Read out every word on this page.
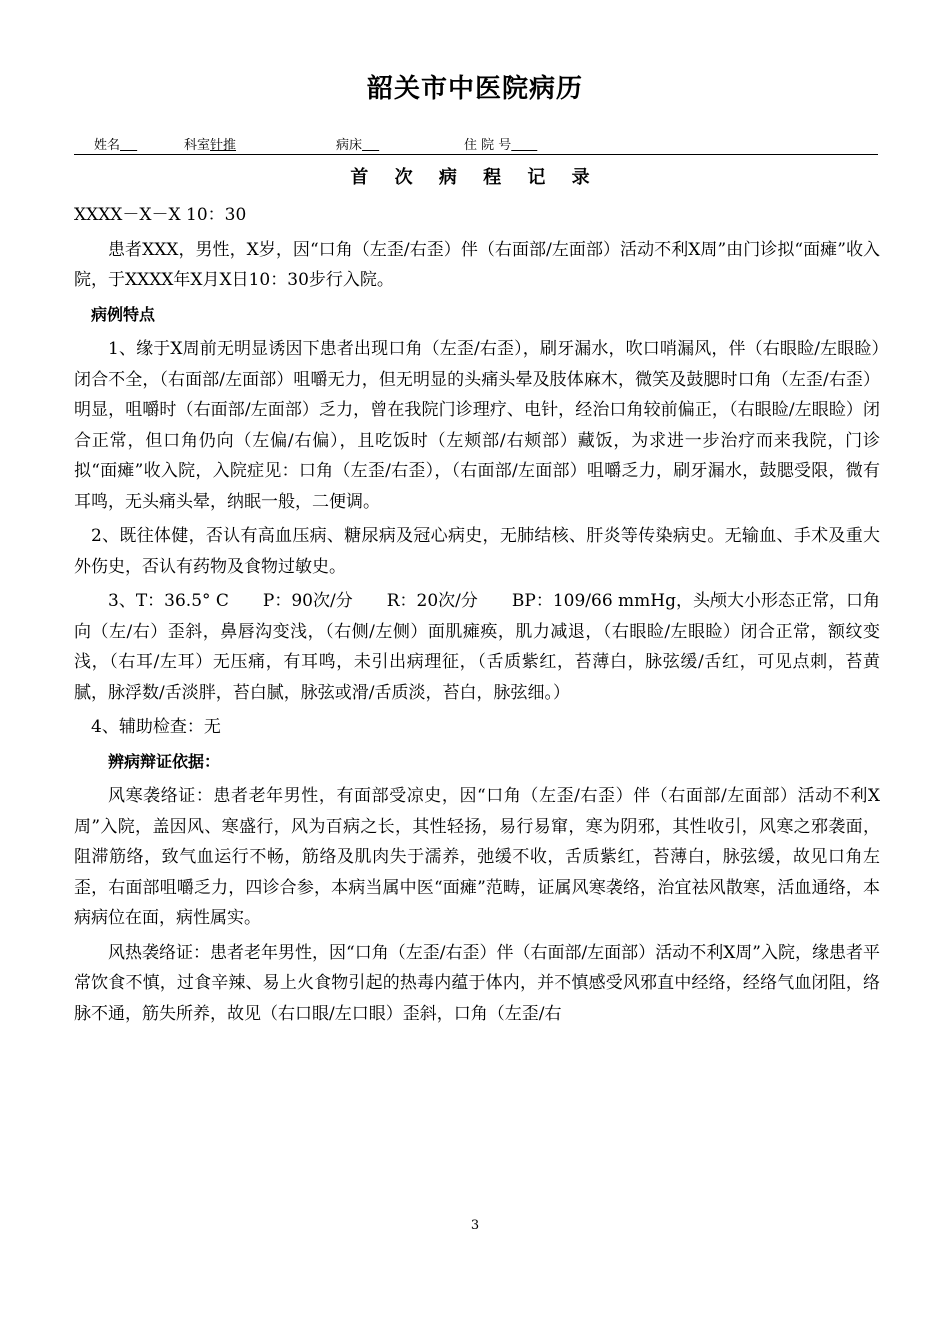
韶关市中医院病历
姓名　	科室针推	病床　	住 院 号　　
首 次 病 程 记 录

XXXX－X－X 10：30

患者XXX，男性，X岁，因“口角（左歪/右歪）伴（右面部/左面部）活动不利X周”由门诊拟“面瘫”收入院，于XXXX年X月X日10：30步行入院。

病例特点

1、缘于X周前无明显诱因下患者出现口角（左歪/右歪），刷牙漏水，吹口哨漏风，伴（右眼睑/左眼睑）闭合不全，（右面部/左面部）咀嚼无力，但无明显的头痛头晕及肢体麻木，微笑及鼓腮时口角（左歪/右歪）明显，咀嚼时（右面部/左面部）乏力，曾在我院门诊理疗、电针，经治口角较前偏正，（右眼睑/左眼睑）闭合正常，但口角仍向（左偏/右偏），且吃饭时（左颊部/右颊部）藏饭，为求进一步治疗而来我院，门诊拟“面瘫”收入院，入院症见：口角（左歪/右歪），（右面部/左面部）咀嚼乏力，刷牙漏水，鼓腮受限，微有耳鸣，无头痛头晕，纳眠一般，二便调。

2、既往体健，否认有高血压病、糖尿病及冠心病史，无肺结核、肝炎等传染病史。无输血、手术及重大外伤史，否认有药物及食物过敏史。

3、T：36.5° C　　P：90次/分　　R：20次/分　　BP：109/66 mmHg，头颅大小形态正常，口角向（左/右）歪斜，鼻唇沟变浅，（右侧/左侧）面肌瘫痪，肌力减退，（右眼睑/左眼睑）闭合正常，额纹变浅，（右耳/左耳）无压痛，有耳鸣，未引出病理征，（舌质紫红，苔薄白，脉弦缓/舌红，可见点刺，苔黄腻，脉浮数/舌淡胖，苔白腻，脉弦或滑/舌质淡，苔白，脉弦细。）

4、辅助检查：无

辨病辩证依据：

风寒袭络证：患者老年男性，有面部受凉史，因“口角（左歪/右歪）伴（右面部/左面部）活动不利X周”入院，盖因风、寒盛行，风为百病之长，其性轻扬，易行易窜，寒为阴邪，其性收引，风寒之邪袭面，阻滞筋络，致气血运行不畅，筋络及肌肉失于濡养，弛缓不收，舌质紫红，苔薄白，脉弦缓，故见口角左歪，右面部咀嚼乏力，四诊合参，本病当属中医“面瘫”范畴，证属风寒袭络，治宜祛风散寒，活血通络，本病病位在面，病性属实。

风热袭络证：患者老年男性，因“口角（左歪/右歪）伴（右面部/左面部）活动不利X周”入院，缘患者平常饮食不慎，过食辛辣、易上火食物引起的热毒内蕴于体内，并不慎感受风邪直中经络，经络气血闭阻，络脉不通，筋失所养，故见（右口眼/左口眼）歪斜，口角（左歪/右

3
